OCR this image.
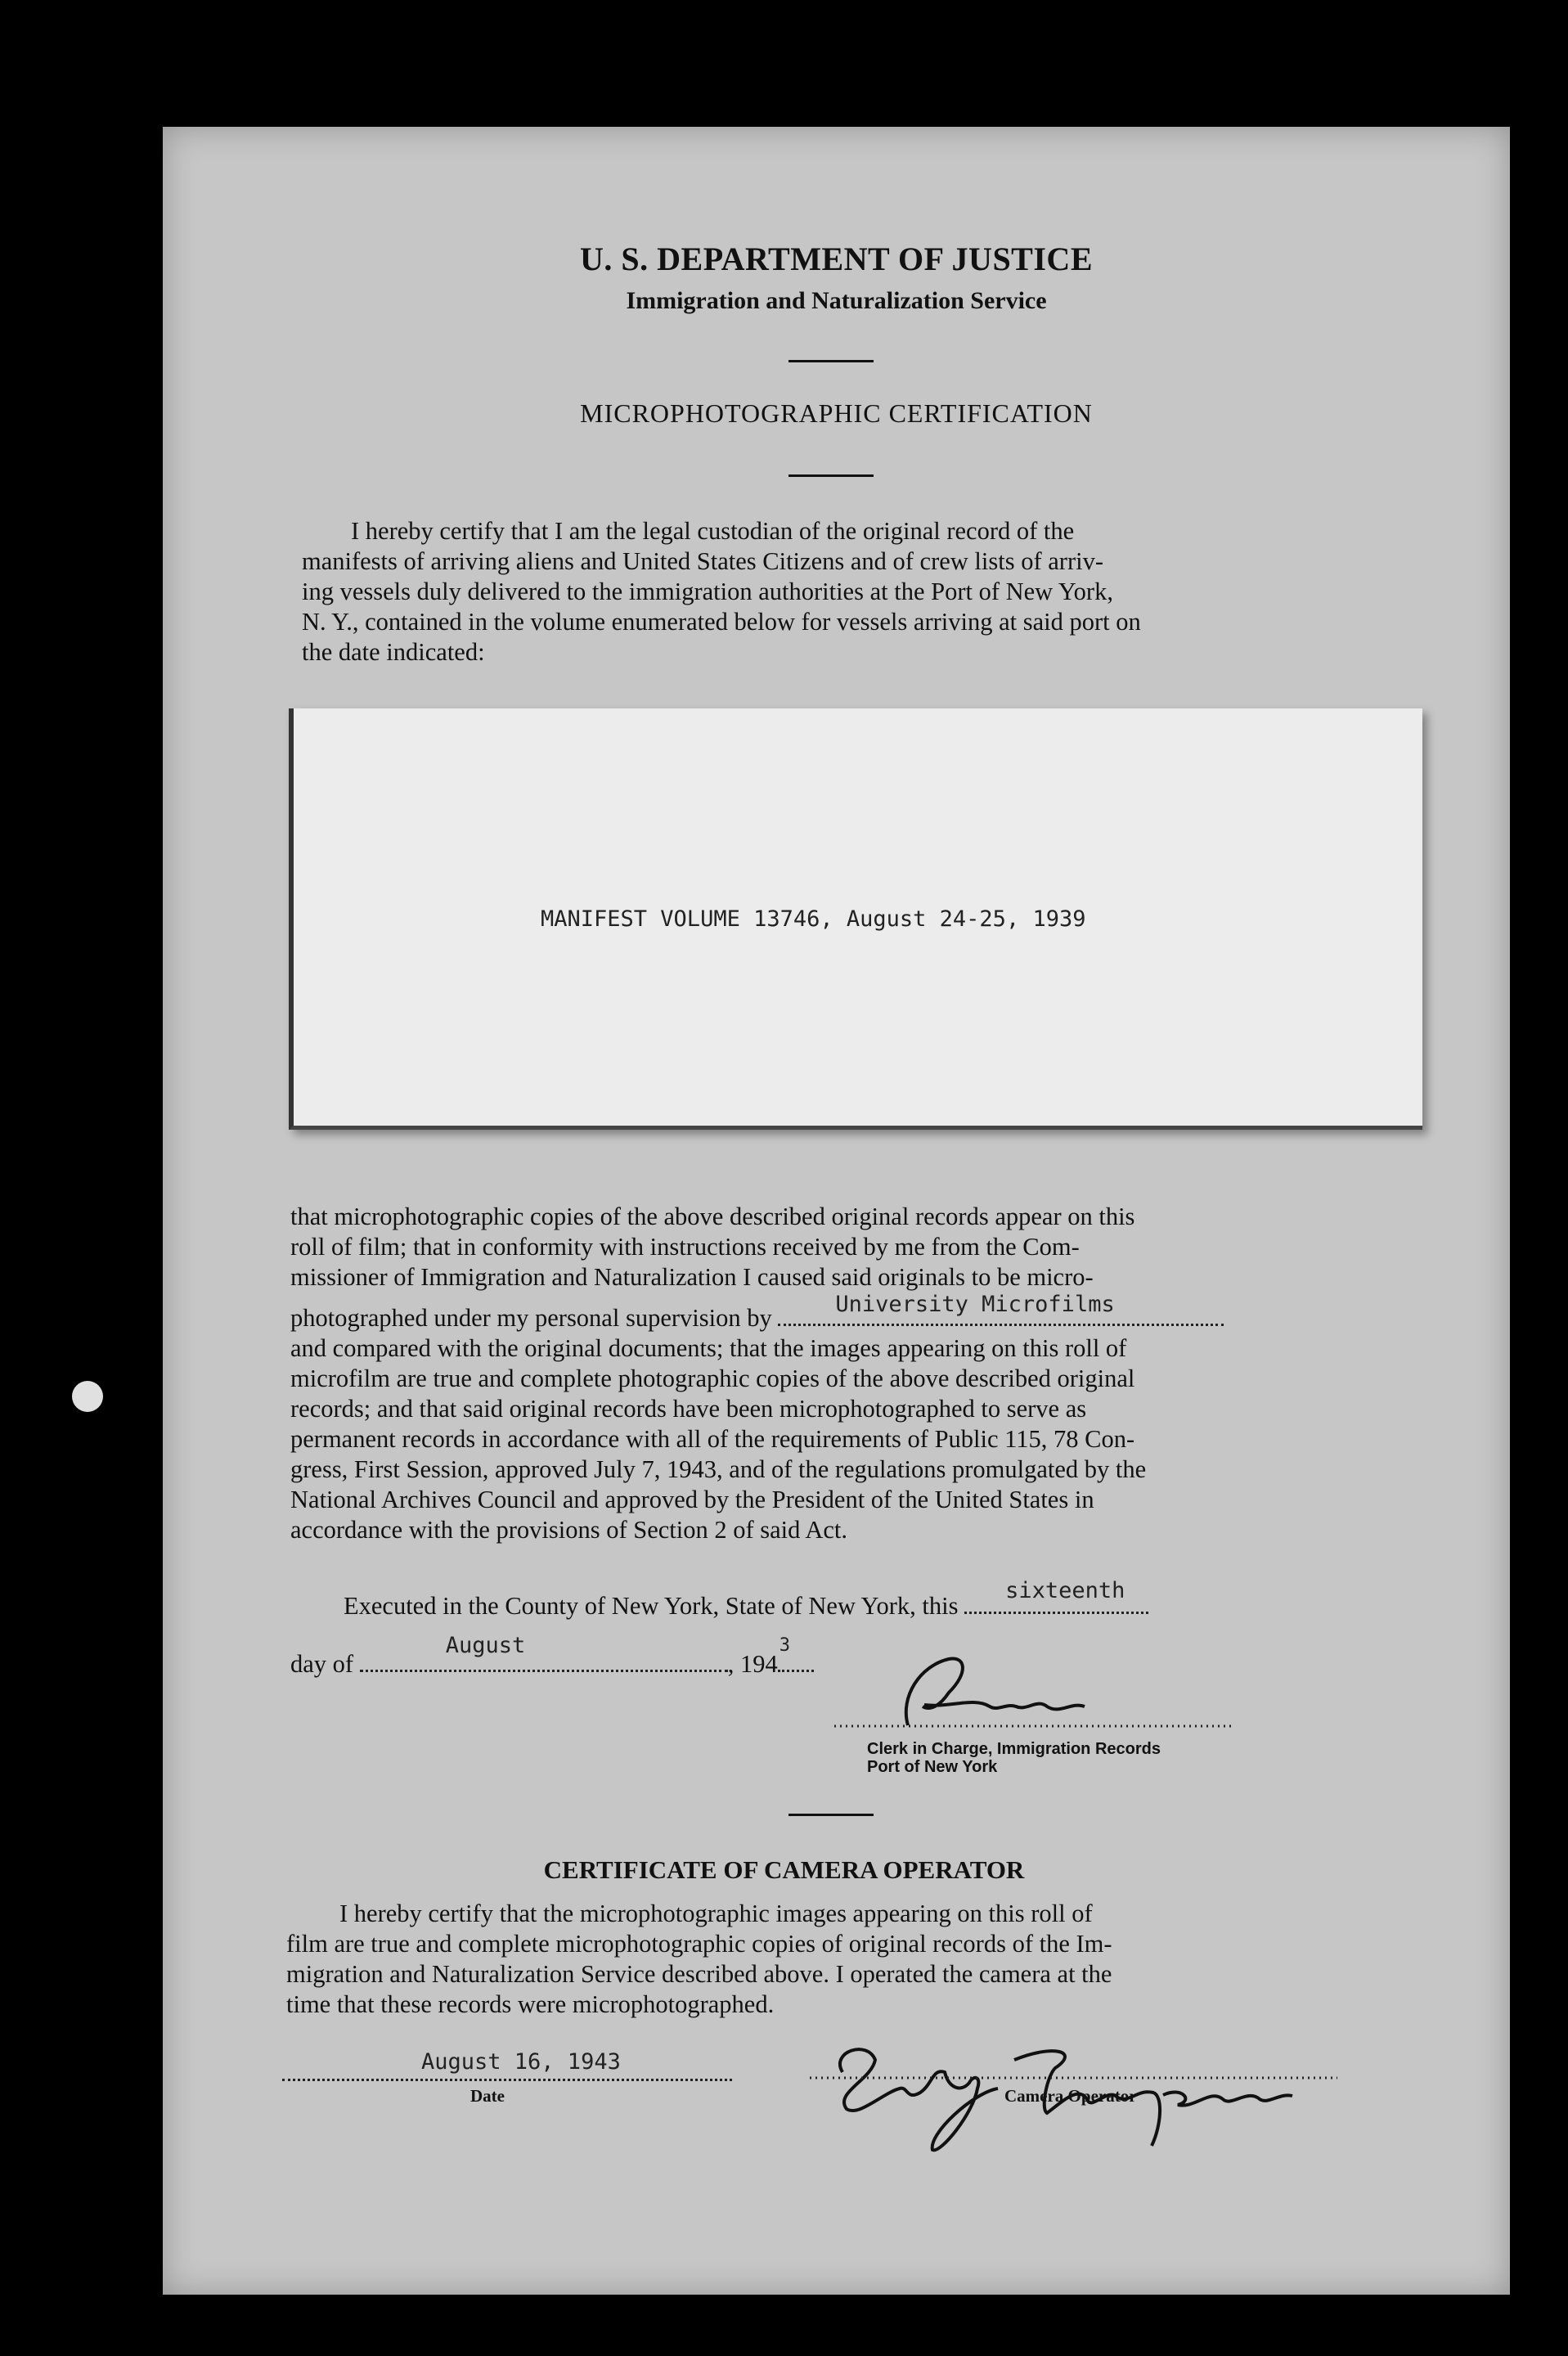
U. S. DEPARTMENT OF JUSTICE
Immigration and Naturalization Service
MICROPHOTOGRAPHIC CERTIFICATION
I hereby certify that I am the legal custodian of the original record of the
manifests of arriving aliens and United States Citizens and of crew lists of arriv-
ing vessels duly delivered to the immigration authorities at the Port of New York,
N. Y., contained in the volume enumerated below for vessels arriving at said port on
the date indicated:
MANIFEST VOLUME 13746, August 24-25, 1939
that microphotographic copies of the above described original records appear on this
roll of film; that in conformity with instructions received by me from the Com-
missioner of Immigration and Naturalization I caused said originals to be micro-
photographed under my personal supervision by	University Microfilms
and compared with the original documents; that the images appearing on this roll of
microfilm are true and complete photographic copies of the above described original
records; and that said original records have been microphotographed to serve as
permanent records in accordance with all of the requirements of Public 115, 78 Con-
gress, First Session, approved July 7, 1943, and of the regulations promulgated by the
National Archives Council and approved by the President of the United States in
accordance with the provisions of Section 2 of said Act.
Executed in the County of New York, State of New York, this
sixteenth
day of
August
, 194
3
Clerk in Charge, Immigration Records
Port of New York
CERTIFICATE OF CAMERA OPERATOR
I hereby certify that the microphotographic images appearing on this roll of
film are true and complete microphotographic copies of original records of the Im-
migration and Naturalization Service described above. I operated the camera at the
time that these records were microphotographed.
August 16, 1943
Date	Camera Operator
